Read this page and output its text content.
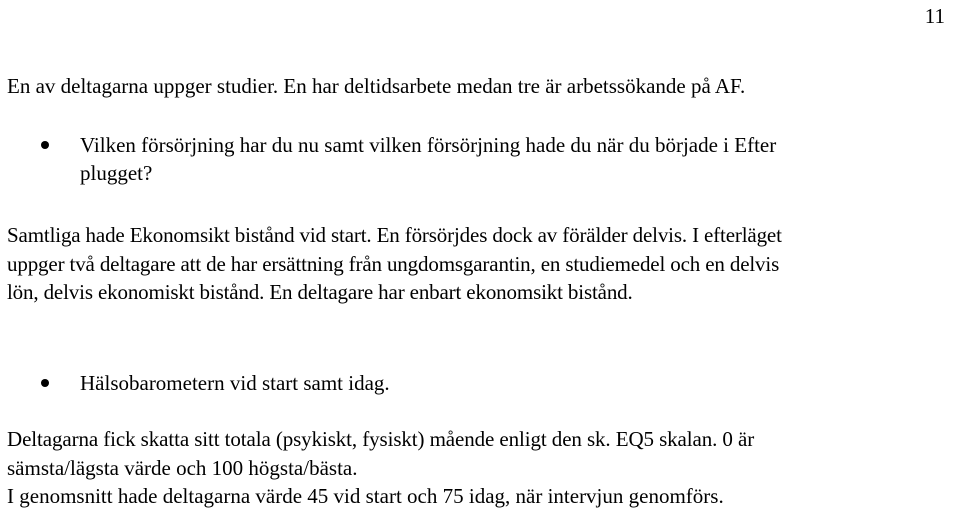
11

En av deltagarna uppger studier. En har deltidsarbete medan tre är arbetssökande på AF.

Vilken försörjning har du nu samt vilken försörjning hade du när du började i Efter

plugget?

Samtliga hade Ekonomsikt bistånd vid start. En försörjdes dock av förälder delvis. I efterläget

uppger två deltagare att de har ersättning från ungdomsgarantin, en studiemedel och en delvis

lön, delvis ekonomiskt bistånd. En deltagare har enbart ekonomsikt bistånd.

Hälsobarometern vid start samt idag.

Deltagarna fick skatta sitt totala (psykiskt, fysiskt) mående enligt den sk. EQ5 skalan. 0 är

sämsta/lägsta värde och 100 högsta/bästa.

I genomsnitt hade deltagarna värde 45 vid start och 75 idag, när intervjun genomförs.
